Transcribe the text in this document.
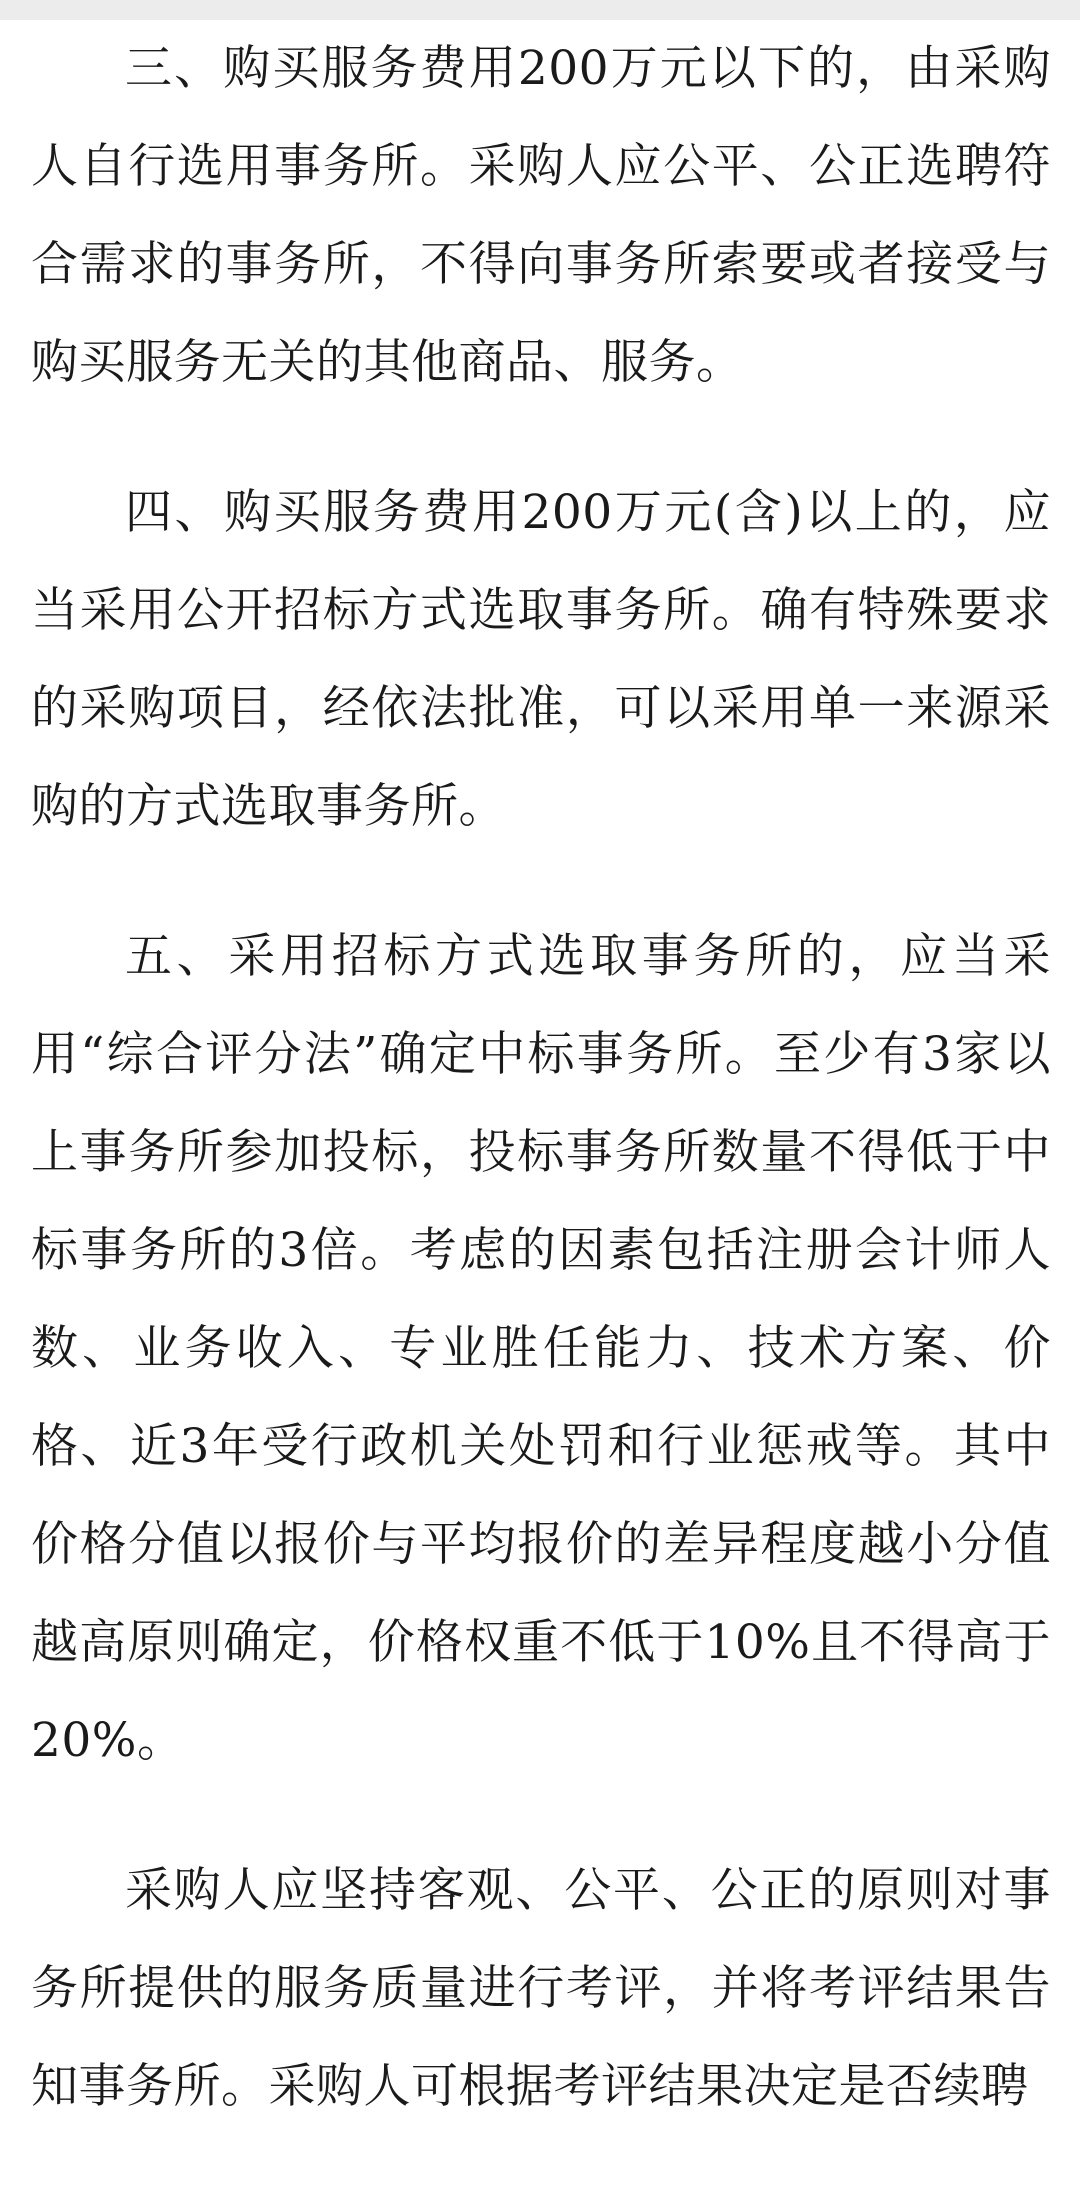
三、购买服务费用200万元以下的，由采购人自行选用事务所。采购人应公平、公正选聘符合需求的事务所，不得向事务所索要或者接受与购买服务无关的其他商品、服务。

四、购买服务费用200万元(含)以上的，应当采用公开招标方式选取事务所。确有特殊要求的采购项目，经依法批准，可以采用单一来源采购的方式选取事务所。

五、采用招标方式选取事务所的，应当采用“综合评分法”确定中标事务所。至少有3家以上事务所参加投标，投标事务所数量不得低于中标事务所的3倍。考虑的因素包括注册会计师人数、业务收入、专业胜任能力、技术方案、价格、近3年受行政机关处罚和行业惩戒等。其中价格分值以报价与平均报价的差异程度越小分值越高原则确定，价格权重不低于10%且不得高于20%。

采购人应坚持客观、公平、公正的原则对事务所提供的服务质量进行考评，并将考评结果告知事务所。采购人可根据考评结果决定是否续聘
